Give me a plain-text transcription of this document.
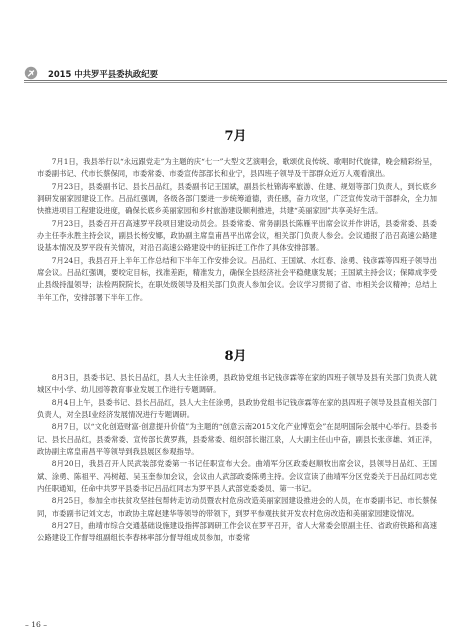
2015 中共罗平县委执政纪要
7月

7月1日，我县举行以“永远跟党走”为主题的庆“七一”大型文艺演唱会，歌颂优良传统、歌唱时代旋律，晚会精彩纷呈，市委副书记、代市长蔡保同，市委常委、市委宣传部部长和业宁，县四班子领导及干部群众近万人观看演出。

7月23日，县委副书记、县长吕品红，县委副书记王国斌，副县长杜锦海率旅游、住建、规划等部门负责人，到长底乡洞研发丽家园建设工作。吕品红强调，各级各部门要进一步统筹道德，责任感，奋力攻坚，广泛宣传发动干部群众，全力加快推进项目工程建设进度，确保长底乡美丽家园和乡村旅游建设顺利推进，共建“美丽家园”共享美好生活。

7月23日，县委召开召高速罗平段项目建设动员会。县委常委、常务副县长陈雁平出席会议并作讲话，县委常委、县委办主任李永胜主持会议，副县长杨安娜，政协副主席皇甫昌平出席会议，相关部门负责人参会。会议通报了沿召高速公路建设基本情况及罗平段有关情况，对沿召高速公路建设中的征拆迁工作作了具体安排部署。

7月24日，我县召开上半年工作总结和下半年工作安排会议。吕品红、王国斌、水红春、涂勇、钱彦霖等四班子领导出席会议。吕品红强调，要咬定目标，找准差距，精准发力，确保全县经济社会平稳健康发展；王国斌主持会议；保障成孪受止县级持温领导；法检两院院长，在职处级领导及相关部门负责人参加会议。会议学习贯彻了省、市相关会议精神；总结上半年工作，安排部署下半年工作。

8月

8月3日，县委书记、县长吕品红，县人大主任涂勇，县政协党组书记钱彦霖等在家的四班子领导及县有关部门负责人就城区中小学、幼儿园等教育事业发展工作进行专题调研。

8月4日上午，县委书记、县长吕品红，县人大主任涂勇，县政协党组书记钱彦霖等在家的县四班子领导及县直相关部门负责人，对全县Ⅰ业经济发展情况进行专题调研。

8月7日，以“文化创造财富·创意提升价值”为主题的“创意云南2015文化产业博览会”在昆明国际会展中心举行。县委书记、县长吕品红，县委常委、宣传部长黄罗燕，县委常委、组织部长谢江泉，人大副主任山中奋，副县长张彦雄、刘正洋，政协副主席皇甫昌平等领导到我县展区参观指导。

8月20日，我县召开人民武装部党委第一书记任职宣布大会。曲靖军分区政委赵顺牧出席会议，县领导吕品红、王国斌、涂勇、陈祖平、冯树超、吴玉奎参加会议，会议由人武部政委陈勇主持。会议宣读了曲靖军分区党委关于吕品红同志党内任职通知，任命中共罗平县委书记吕品红同志为罗平县人武部党委委员、第一书记。

8月25日，参加全市扶贫攻坚挂包帮转走访动员暨农村危房改造美丽家园建设推进会的人员，在市委副书记、市长蔡保同，市委副书记刘文志，市政协主席赵建华等领导的带领下，到罗平参观扶贫开发农村危房改造和美丽家园建设情况。

8月27日，曲靖市综合交通基础设施建设指挥部调研工作会议在罗平召开，省人大常委会原副主任、省政府铁路和高速公路建设工作督导组副组长李春林率部分督导组成员参加，市委常

– 16 –
